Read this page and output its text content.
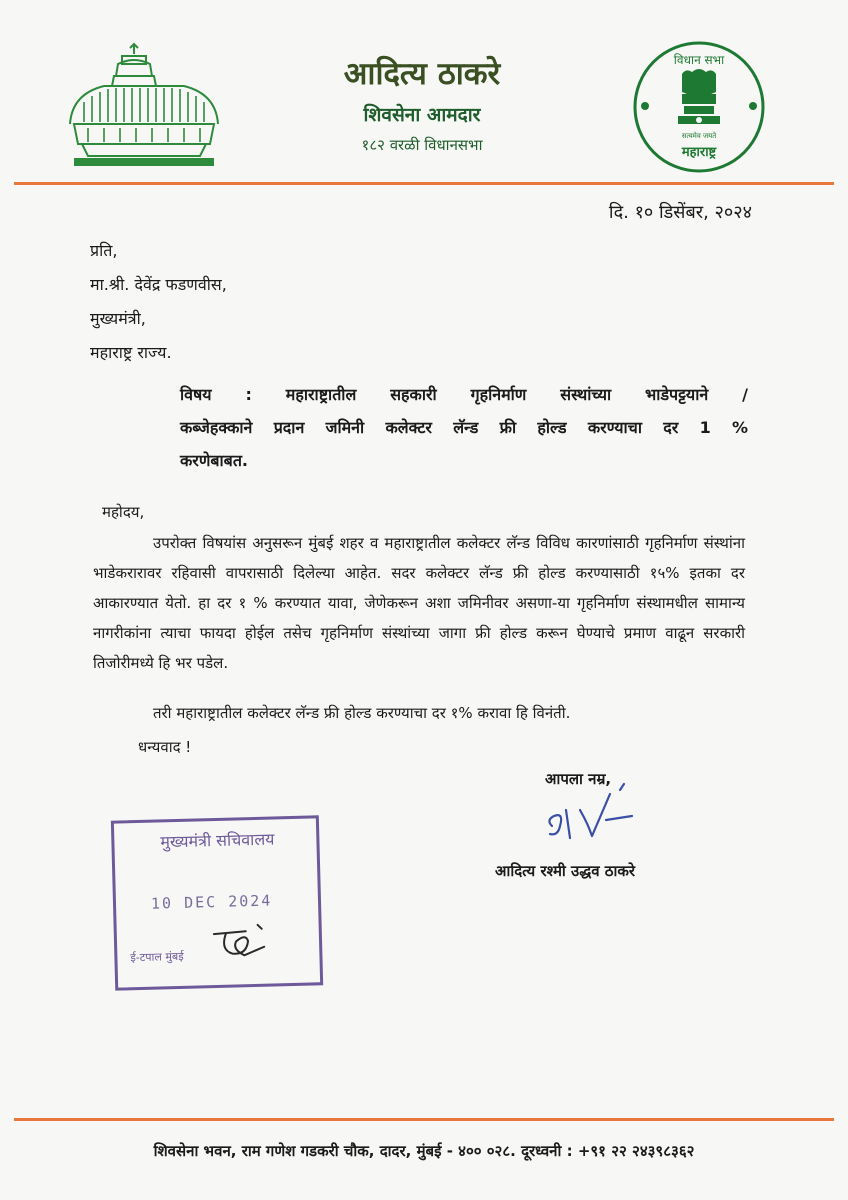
आदित्य ठाकरे
शिवसेना आमदार
१८२ वरळी विधानसभा
विधान सभा
सत्यमेव जयते
महाराष्ट्र
दि. १० डिसेंबर, २०२४
प्रति,
मा.श्री. देवेंद्र फडणवीस,
मुख्यमंत्री,
महाराष्ट्र राज्य.
विषय : महाराष्ट्रातील सहकारी गृहनिर्माण संस्थांच्या भाडेपट्टयाने /
कब्जेहक्काने प्रदान जमिनी कलेक्टर लॅन्ड फ्री होल्ड करण्याचा दर 1 %
करणेबाबत.
महोदय,
उपरोक्त विषयांस अनुसरून मुंबई शहर व महाराष्ट्रातील कलेक्टर लॅन्ड विविध कारणांसाठी गृहनिर्माण संस्थांना भाडेकरारावर रहिवासी वापरासाठी दिलेल्या आहेत. सदर कलेक्टर लॅन्ड फ्री होल्ड करण्यासाठी १५% इतका दर आकारण्यात येतो. हा दर १ % करण्यात यावा, जेणेकरून अशा जमिनीवर असणा-या गृहनिर्माण संस्थामधील सामान्य नागरीकांना त्याचा फायदा होईल तसेच गृहनिर्माण संस्थांच्या जागा फ्री होल्ड करून घेण्याचे प्रमाण वाढून सरकारी तिजोरीमध्ये हि भर पडेल.
तरी महाराष्ट्रातील कलेक्टर लॅन्ड फ्री होल्ड करण्याचा दर १% करावा हि विनंती.
धन्यवाद !
आपला नम्र,
आदित्य रश्मी उद्धव ठाकरे
मुख्यमंत्री सचिवालय
10 DEC 2024
ई-टपाल मुंबई
शिवसेना भवन, राम गणेश गडकरी चौक, दादर, मुंबई - ४०० ०२८. दूरध्वनी : +९१ २२ २४३९८३६२
